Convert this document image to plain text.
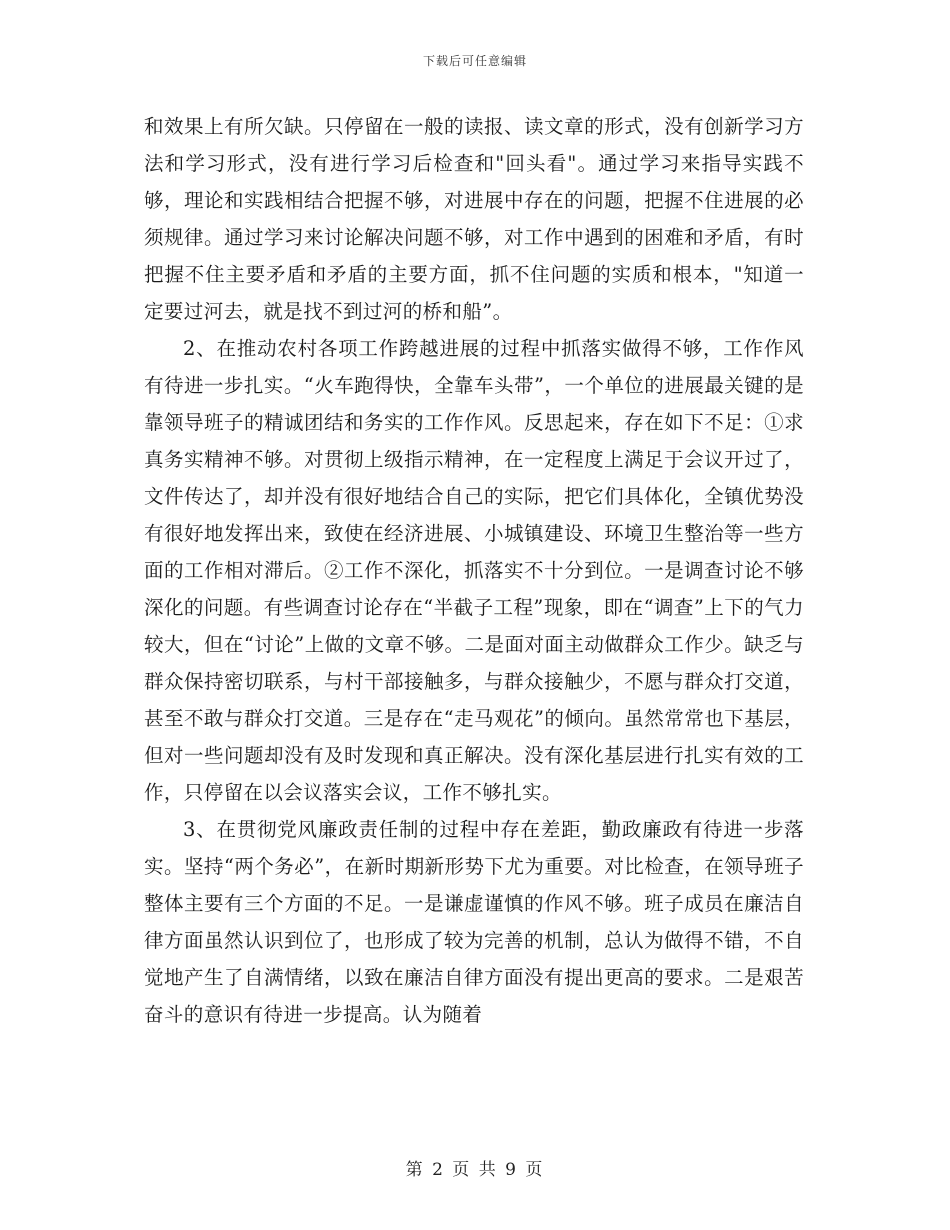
下载后可任意编辑

和效果上有所欠缺。只停留在一般的读报、读文章的形式，没有创新学习方法和学习形式，没有进行学习后检查和"回头看"。通过学习来指导实践不够，理论和实践相结合把握不够，对进展中存在的问题，把握不住进展的必须规律。通过学习来讨论解决问题不够，对工作中遇到的困难和矛盾，有时把握不住主要矛盾和矛盾的主要方面，抓不住问题的实质和根本，"知道一定要过河去，就是找不到过河的桥和船”。

2、在推动农村各项工作跨越进展的过程中抓落实做得不够，工作作风有待进一步扎实。“火车跑得快，全靠车头带”，一个单位的进展最关键的是靠领导班子的精诚团结和务实的工作作风。反思起来，存在如下不足：①求真务实精神不够。对贯彻上级指示精神，在一定程度上满足于会议开过了，文件传达了，却并没有很好地结合自己的实际，把它们具体化，全镇优势没有很好地发挥出来，致使在经济进展、小城镇建设、环境卫生整治等一些方面的工作相对滞后。②工作不深化，抓落实不十分到位。一是调查讨论不够深化的问题。有些调查讨论存在“半截子工程”现象，即在“调查”上下的气力较大，但在“讨论”上做的文章不够。二是面对面主动做群众工作少。缺乏与群众保持密切联系，与村干部接触多，与群众接触少，不愿与群众打交道，甚至不敢与群众打交道。三是存在“走马观花”的倾向。虽然常常也下基层，但对一些问题却没有及时发现和真正解决。没有深化基层进行扎实有效的工作，只停留在以会议落实会议，工作不够扎实。

3、在贯彻党风廉政责任制的过程中存在差距，勤政廉政有待进一步落实。坚持“两个务必”，在新时期新形势下尤为重要。对比检查，在领导班子整体主要有三个方面的不足。一是谦虚谨慎的作风不够。班子成员在廉洁自律方面虽然认识到位了，也形成了较为完善的机制，总认为做得不错，不自觉地产生了自满情绪，以致在廉洁自律方面没有提出更高的要求。二是艰苦奋斗的意识有待进一步提高。认为随着

第 2 页 共 9 页
